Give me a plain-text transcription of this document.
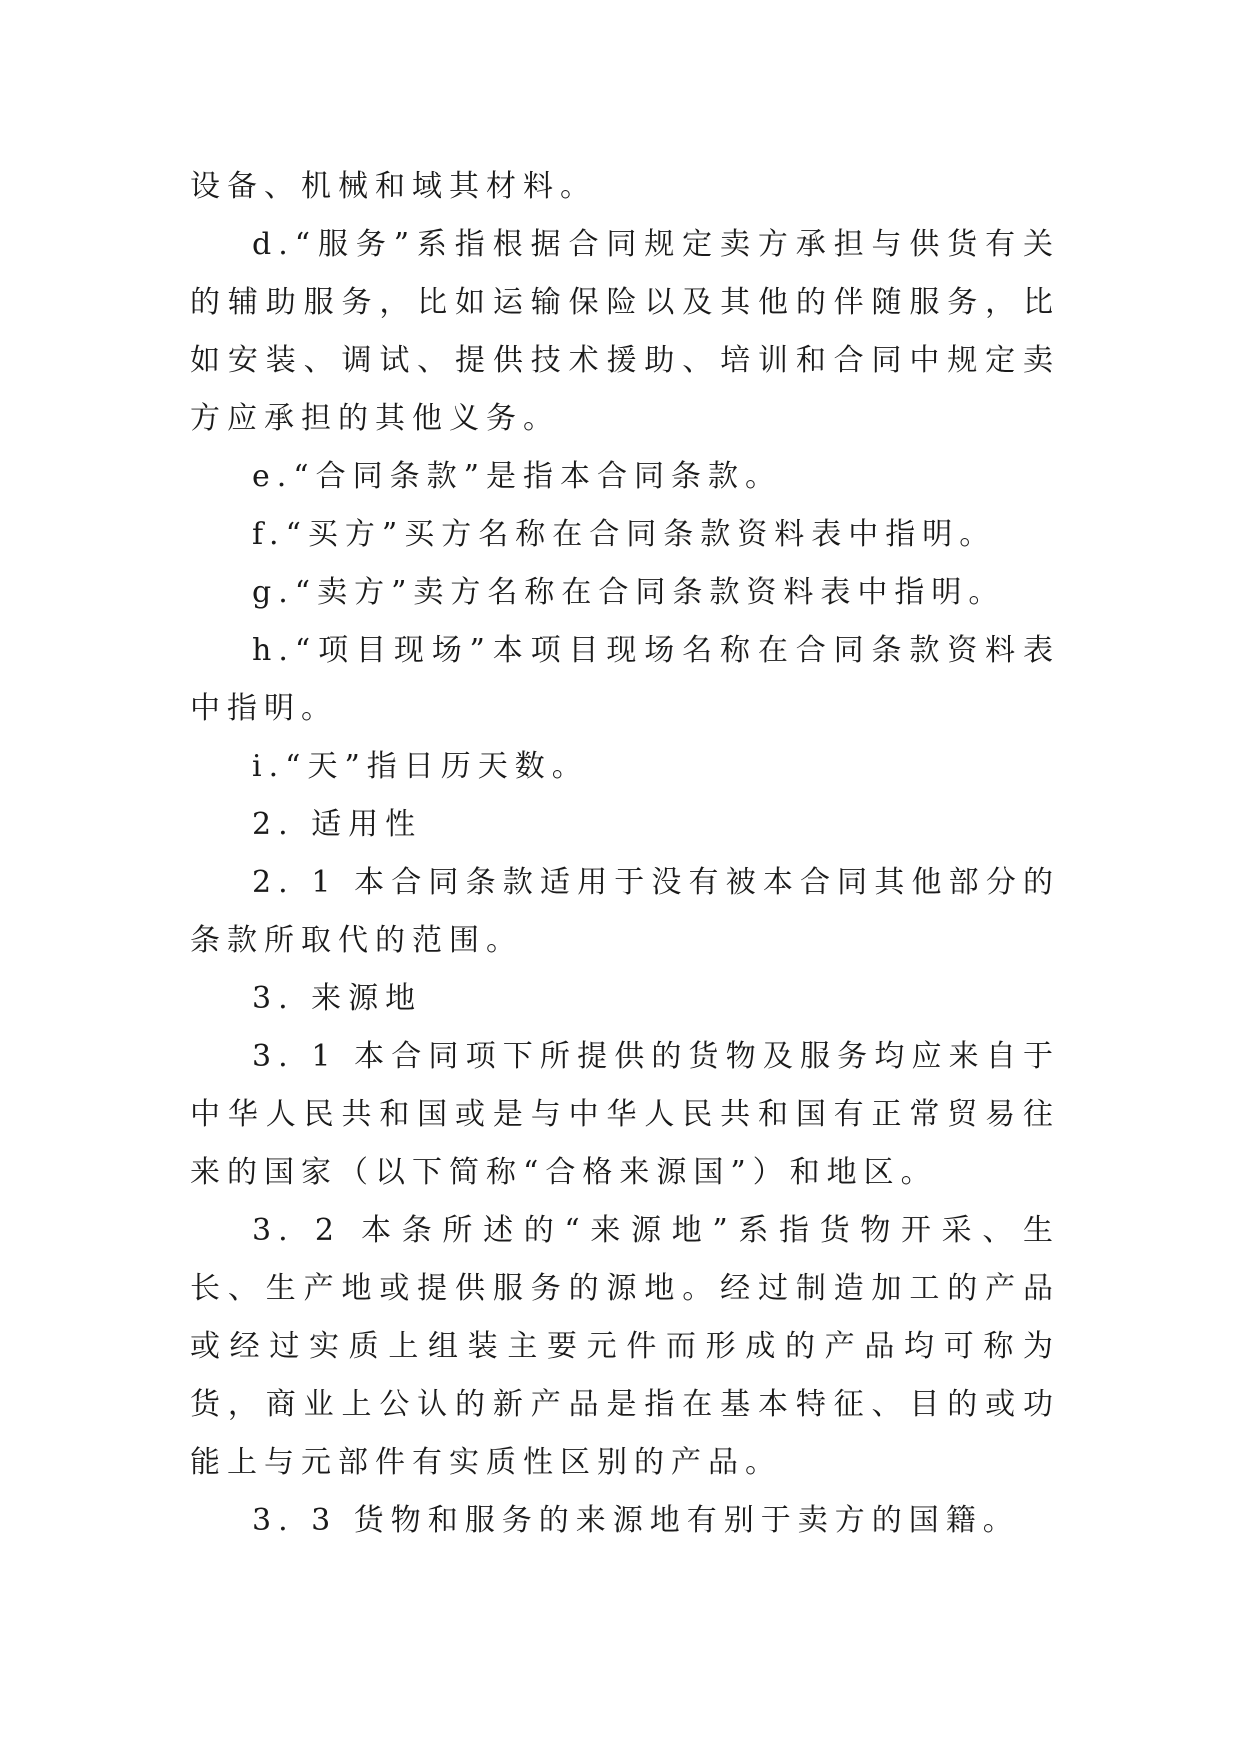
设备、机械和域其材料。

d.“服务”系指根据合同规定卖方承担与供货有关的辅助服务，比如运输保险以及其他的伴随服务，比如安装、调试、提供技术援助、培训和合同中规定卖方应承担的其他义务。

e.“合同条款”是指本合同条款。

f.“买方”买方名称在合同条款资料表中指明。

g.“卖方”卖方名称在合同条款资料表中指明。

h.“项目现场”本项目现场名称在合同条款资料表中指明。

i.“天”指日历天数。

2. 适用性

2. 1 本合同条款适用于没有被本合同其他部分的条款所取代的范围。

3. 来源地

3. 1 本合同项下所提供的货物及服务均应来自于中华人民共和国或是与中华人民共和国有正常贸易往来的国家（以下简称“合格来源国”）和地区。

3. 2 本条所述的“来源地”系指货物开采、生长、生产地或提供服务的源地。经过制造加工的产品或经过实质上组装主要元件而形成的产品均可称为货，商业上公认的新产品是指在基本特征、目的或功能上与元部件有实质性区别的产品。

3. 3 货物和服务的来源地有别于卖方的国籍。
